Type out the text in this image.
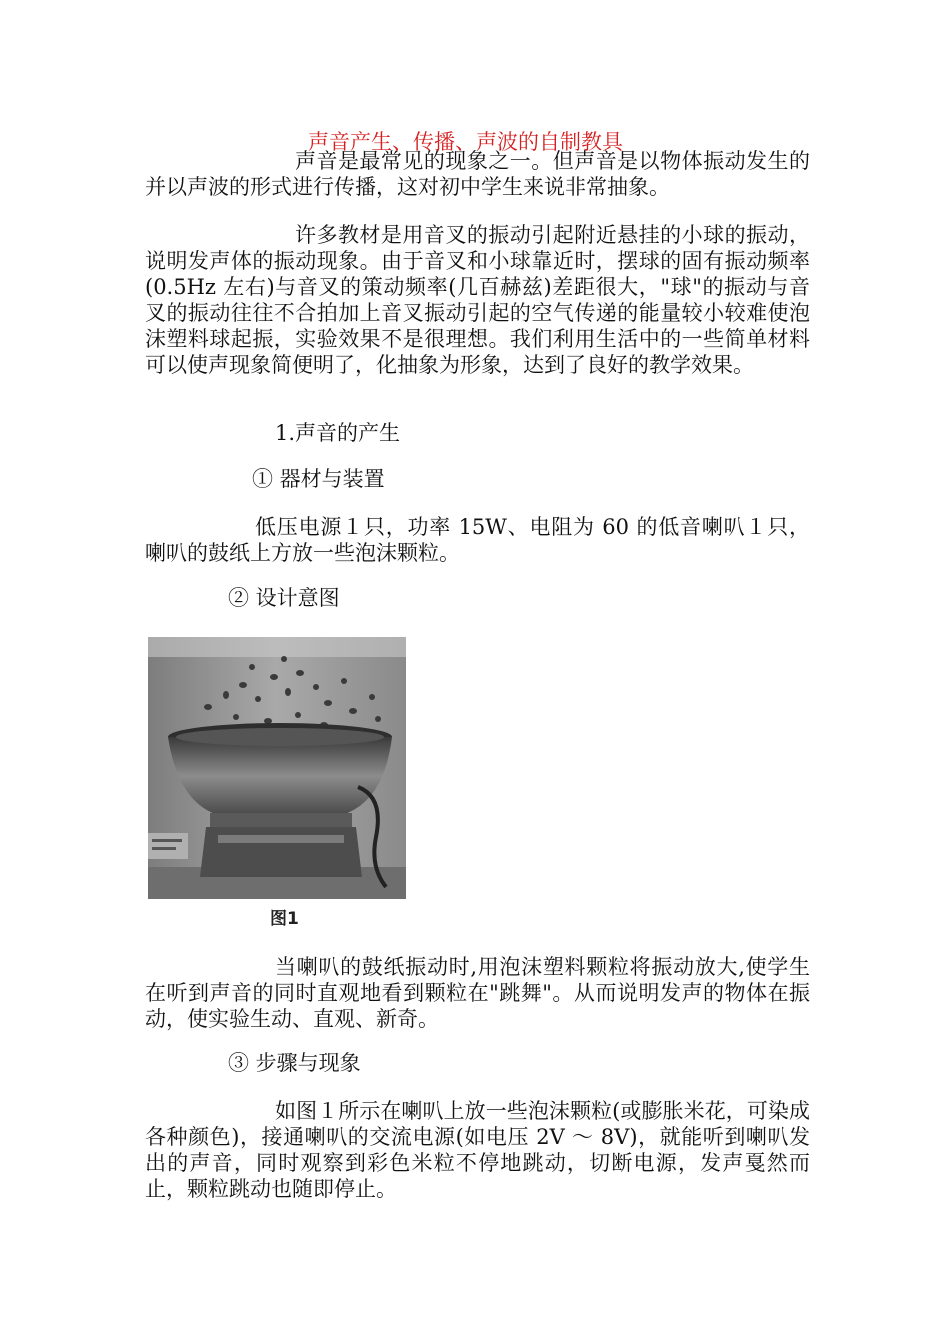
声音产生、传播、声波的自制教具

声音是最常见的现象之一。但声音是以物体振动发生的并以声波的形式进行传播，这对初中学生来说非常抽象。

许多教材是用音叉的振动引起附近悬挂的小球的振动，说明发声体的振动现象。由于音叉和小球靠近时，摆球的固有振动频率(0.5Hz 左右)与音叉的策动频率(几百赫兹)差距很大，"球"的振动与音叉的振动往往不合拍加上音叉振动引起的空气传递的能量较小较难使泡沫塑料球起振，实验效果不是很理想。我们利用生活中的一些简单材料可以使声现象简便明了，化抽象为形象，达到了良好的教学效果。

1.声音的产生
① 器材与装置

低压电源１只，功率 15W、电阻为 60 的低音喇叭１只，喇叭的鼓纸上方放一些泡沫颗粒。

② 设计意图
图1

当喇叭的鼓纸振动时,用泡沫塑料颗粒将振动放大,使学生在听到声音的同时直观地看到颗粒在"跳舞"。从而说明发声的物体在振动，使实验生动、直观、新奇。

③ 步骤与现象

如图１所示在喇叭上放一些泡沫颗粒(或膨胀米花，可染成各种颜色)，接通喇叭的交流电源(如电压 2V ～ 8V)，就能听到喇叭发出的声音，同时观察到彩色米粒不停地跳动，切断电源，发声戛然而　止，颗粒跳动也随即停止。
